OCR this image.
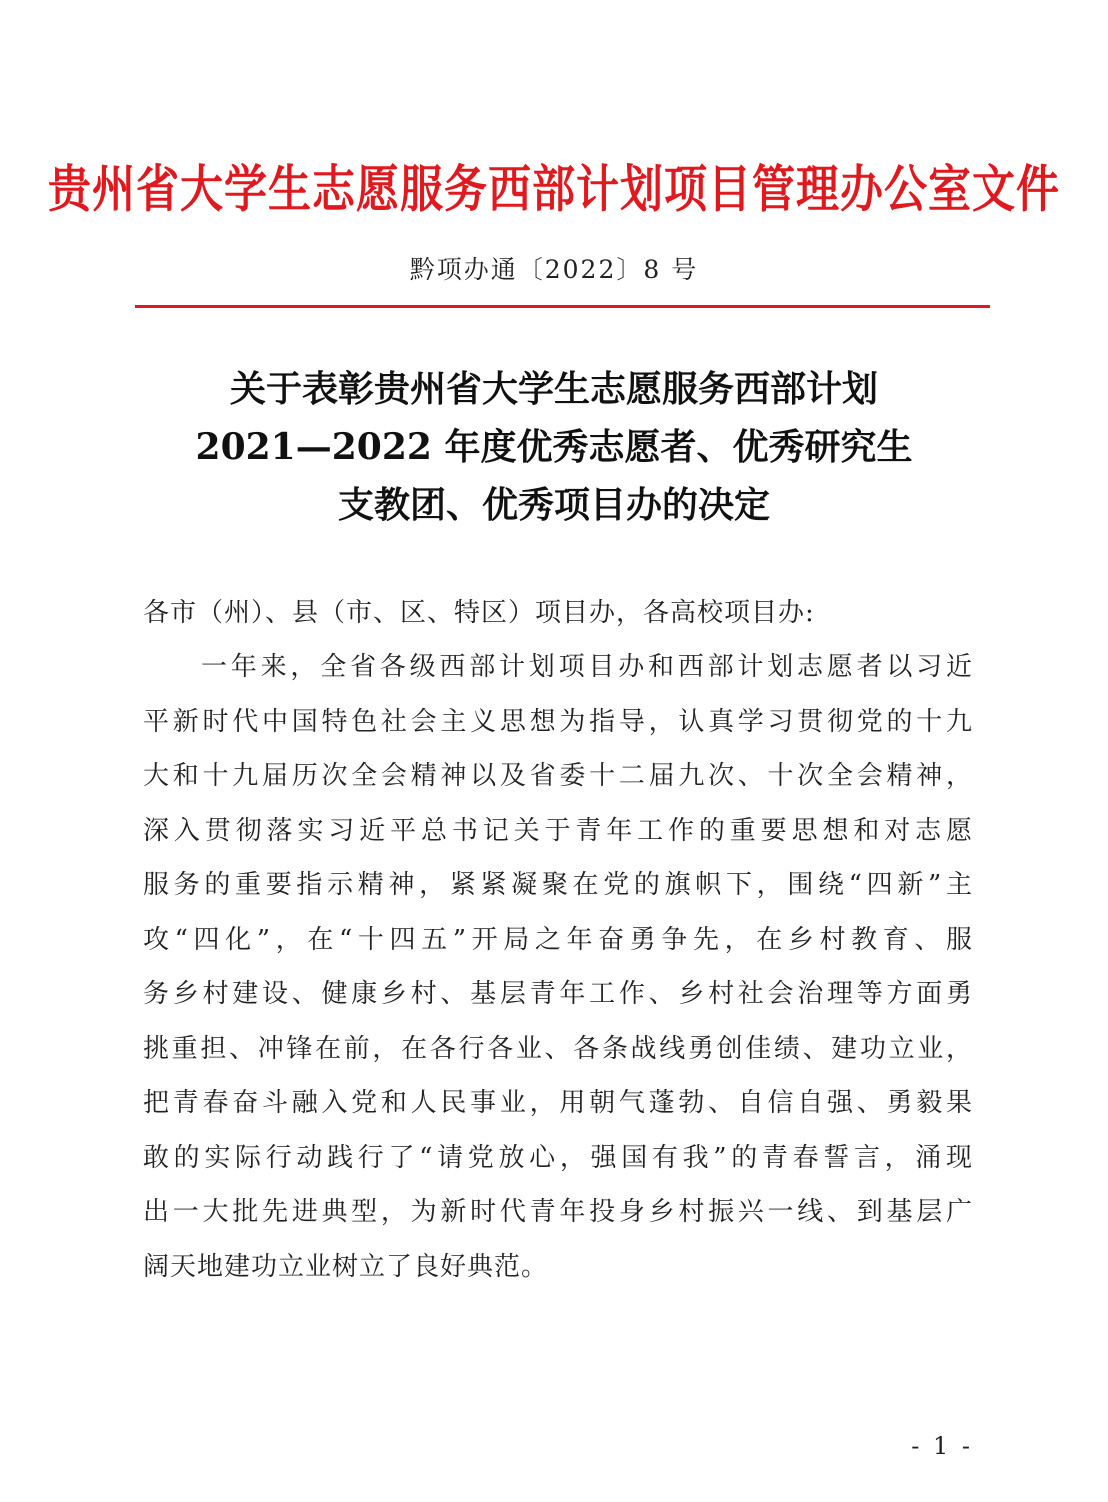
贵州省大学生志愿服务西部计划项目管理办公室文件
黔项办通〔2022〕8 号
关于表彰贵州省大学生志愿服务西部计划
2021—2022 年度优秀志愿者、优秀研究生
支教团、优秀项目办的决定
各市（州）、县（市、区、特区）项目办，各高校项目办:
一年来，全省各级西部计划项目办和西部计划志愿者以习近
平新时代中国特色社会主义思想为指导，认真学习贯彻党的十九
大和十九届历次全会精神以及省委十二届九次、十次全会精神，
深入贯彻落实习近平总书记关于青年工作的重要思想和对志愿
服务的重要指示精神，紧紧凝聚在党的旗帜下，围绕“四新”主
攻“四化”，在“十四五”开局之年奋勇争先，在乡村教育、服
务乡村建设、健康乡村、基层青年工作、乡村社会治理等方面勇
挑重担、冲锋在前，在各行各业、各条战线勇创佳绩、建功立业，
把青春奋斗融入党和人民事业，用朝气蓬勃、自信自强、勇毅果
敢的实际行动践行了“请党放心，强国有我”的青春誓言，涌现
出一大批先进典型，为新时代青年投身乡村振兴一线、到基层广
阔天地建功立业树立了良好典范。
- 1 -
